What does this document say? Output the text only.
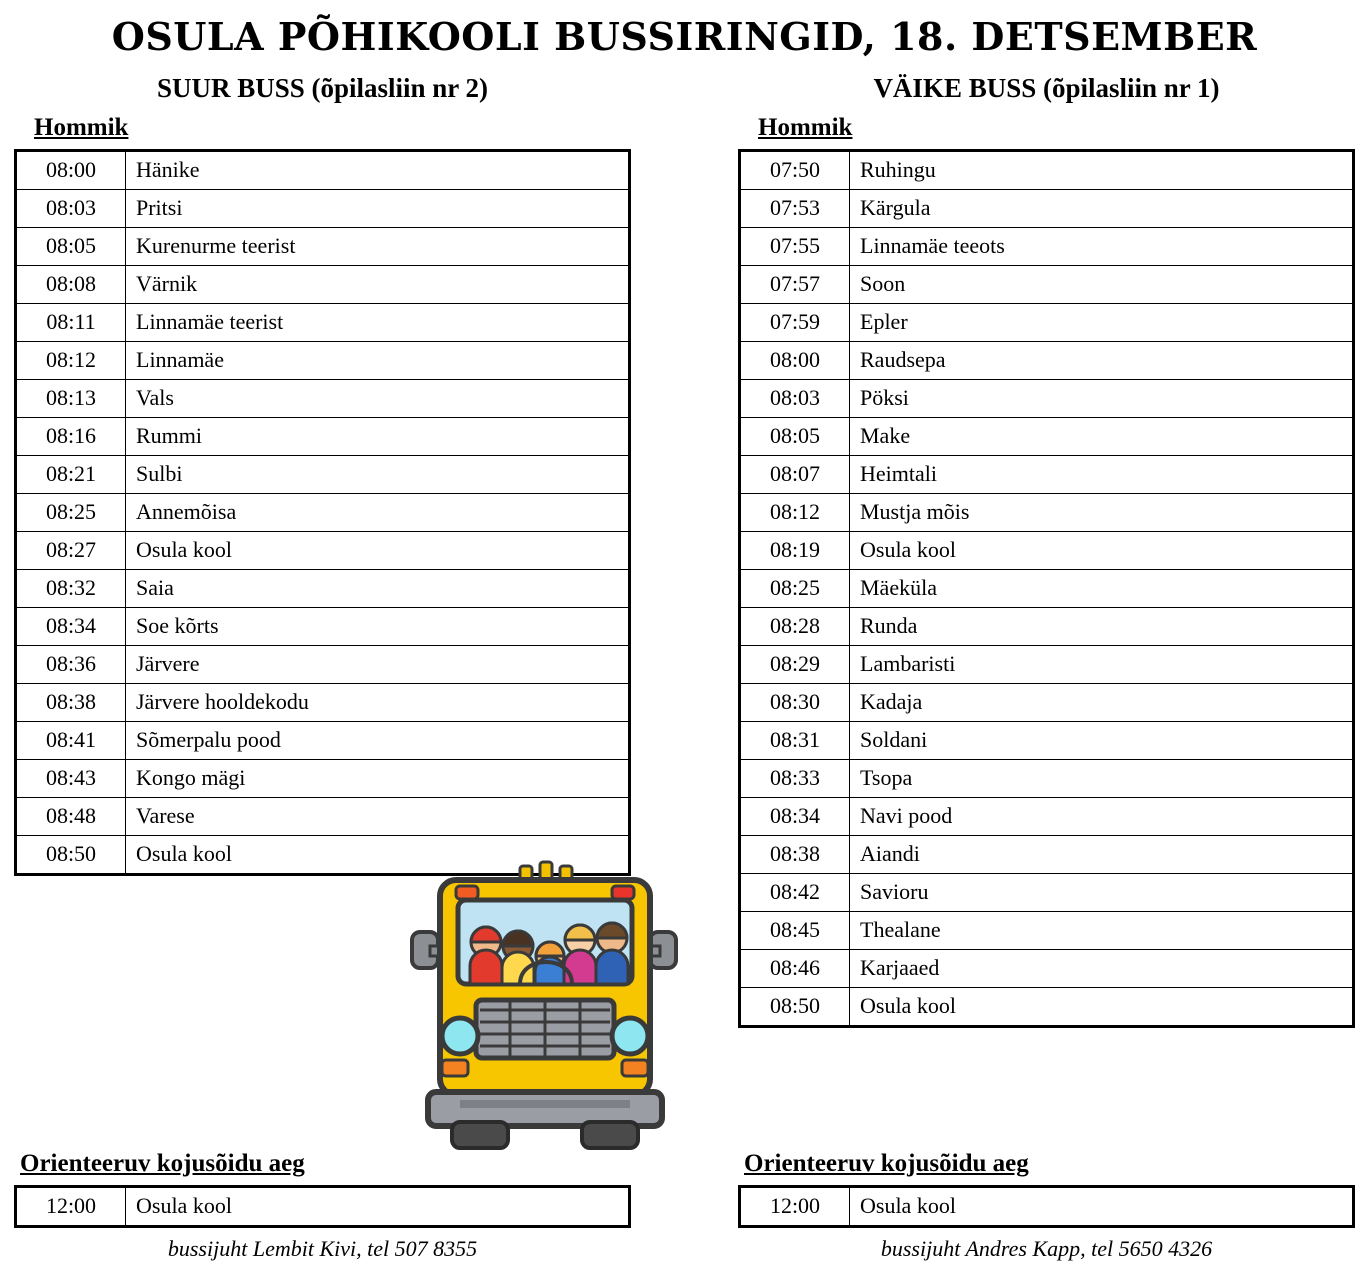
OSULA PÕHIKOOLI BUSSIRINGID, 18. DETSEMBER
SUUR BUSS (õpilasliin nr 2)
Hommik
08:00	Hänike
08:03	Pritsi
08:05	Kurenurme teerist
08:08	Värnik
08:11	Linnamäe teerist
08:12	Linnamäe
08:13	Vals
08:16	Rummi
08:21	Sulbi
08:25	Annemõisa
08:27	Osula kool
08:32	Saia
08:34	Soe kõrts
08:36	Järvere
08:38	Järvere hooldekodu
08:41	Sõmerpalu pood
08:43	Kongo mägi
08:48	Varese
08:50	Osula kool
VÄIKE BUSS (õpilasliin nr 1)
Hommik
07:50	Ruhingu
07:53	Kärgula
07:55	Linnamäe teeots
07:57	Soon
07:59	Epler
08:00	Raudsepa
08:03	Pöksi
08:05	Make
08:07	Heimtali
08:12	Mustja mõis
08:19	Osula kool
08:25	Mäeküla
08:28	Runda
08:29	Lambaristi
08:30	Kadaja
08:31	Soldani
08:33	Tsopa
08:34	Navi pood
08:38	Aiandi
08:42	Savioru
08:45	Thealane
08:46	Karjaaed
08:50	Osula kool
Orienteeruv kojusõidu aeg
12:00	Osula kool
bussijuht Lembit Kivi, tel 507 8355
Orienteeruv kojusõidu aeg
12:00	Osula kool
bussijuht Andres Kapp, tel 5650 4326
